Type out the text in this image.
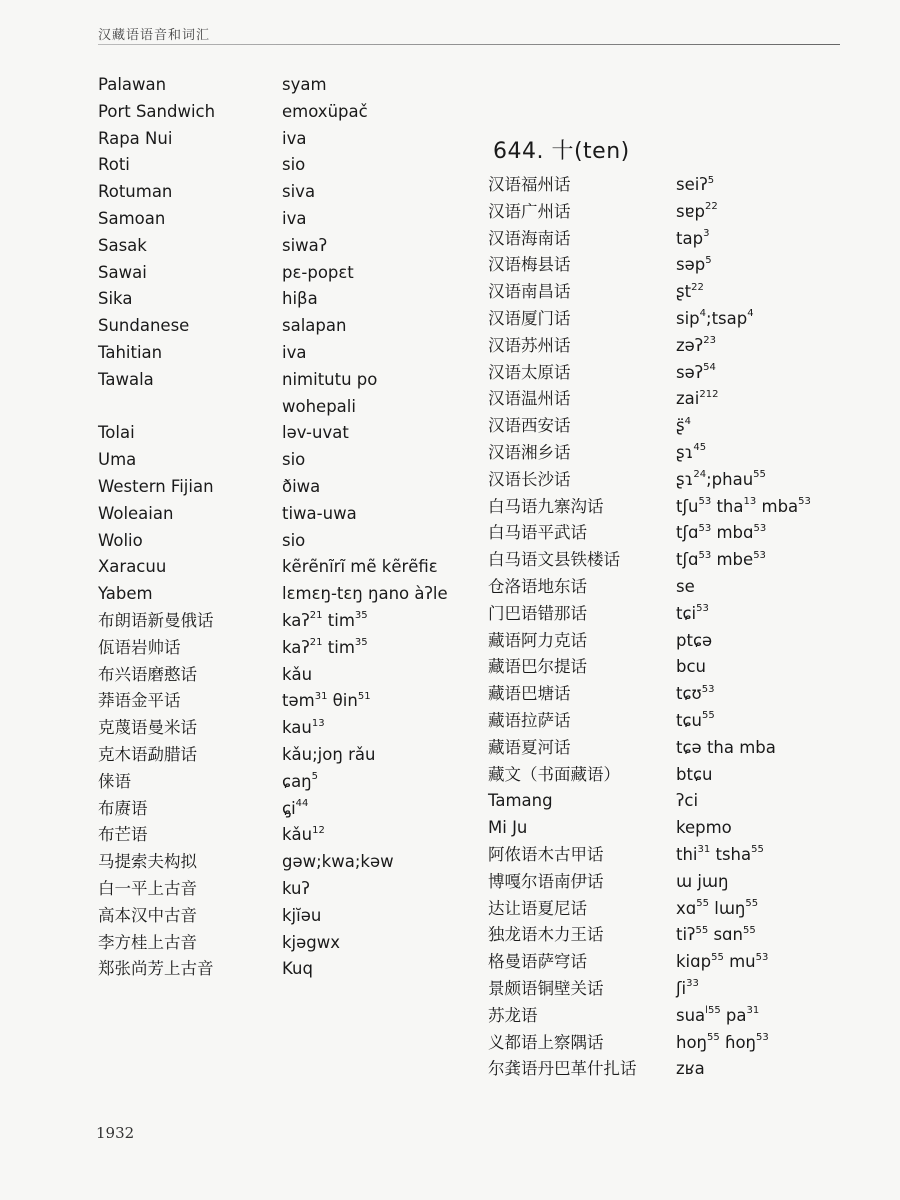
汉藏语语音和词汇
Palawan	syam
Port Sandwich	emoxüpač
Rapa Nui	iva
Roti	sio
Rotuman	siva
Samoan	iva
Sasak	siwaʔ
Sawai	pɛ-popɛt
Sika	hiβa
Sundanese	salapan
Tahitian	iva
Tawala	nimitutu po
wohepali
Tolai	ləv-uvat
Uma	sio
Western Fijian	ðiwa
Woleaian	tiwa-uwa
Wolio	sio
Xaracuu	kẽrẽnĩrĩ mẽ kẽrẽfiɛ
Yabem	lɛmɛŋ-tɛŋ ŋano àʔle
布朗语新曼俄话	kaʔ$^{21}$ tim$^{35}$
佤语岩帅话	kaʔ$^{21}$ tim$^{35}$
布兴语磨憨话	kǎu
莽语金平话	təm$^{31}$ θin$^{51}$
克蔑语曼米话	kau$^{13}$
克木语勐腊话	kǎu;joŋ rǎu
俫语	ɕaŋ$^5$
布赓语	$ɕ̡i^{44}$
布芒语	kǎu$^{12}$
马提索夫构拟	gəw;kwa;kəw
白一平上古音	kuʔ
高本汉中古音	kjĭəu
李方桂上古音	kjəgwx
郑张尚芳上古音	Kuq
644. 十(ten)
汉语福州话	seiʔ$^5$
汉语广州话	sɐp$^{22}$
汉语海南话	tap$^3$
汉语梅县话	səp$^5$
汉语南昌话	ʂt$^{22}$
汉语厦门话	sip$^4$;tsap$^4$
汉语苏州话	zəʔ$^{23}$
汉语太原话	səʔ$^{54}$
汉语温州话	zai$^{212}$
汉语西安话	ʂ̈$^4$
汉语湘乡话	ʂɿ$^{45}$
汉语长沙话	ʂɿ$^{24}$;phau$^{55}$
白马语九寨沟话	tʃu$^{53}$ tha$^{13}$ mba$^{53}$
白马语平武话	tʃɑ$^{53}$ mbɑ$^{53}$
白马语文县铁楼话	tʃɑ$^{53}$ mbe$^{53}$
仓洛语地东话	se
门巴语错那话	tɕi$^{53}$
藏语阿力克话	ptɕə
藏语巴尔提话	bcu
藏语巴塘话	tɕʊ$^{53}$
藏语拉萨话	tɕu$^{55}$
藏语夏河话	tɕə tha mba
藏文（书面藏语）	btɕu
Tamang	ʔci
Mi Ju	kepmo
阿侬语木古甲话	thi$^{31}$ tsha$^{55}$
博嘎尔语南伊话	ɯ jɯŋ
达让语夏尼话	xɑ$^{55}$ lɯŋ$^{55}$
独龙语木力王话	tiʔ$^{55}$ sɑn$^{55}$
格曼语萨穹话	kiɑp$^{55}$ $mu^{53}$
景颇语铜壁关话	ʃi$^{33}$
苏龙语	sua$^{l55}$ $pa^{31}$
义都语上察隅话	hoŋ$^{55}$ ɦoŋ$^{53}$
尔龚语丹巴革什扎话 zʁa
1932
